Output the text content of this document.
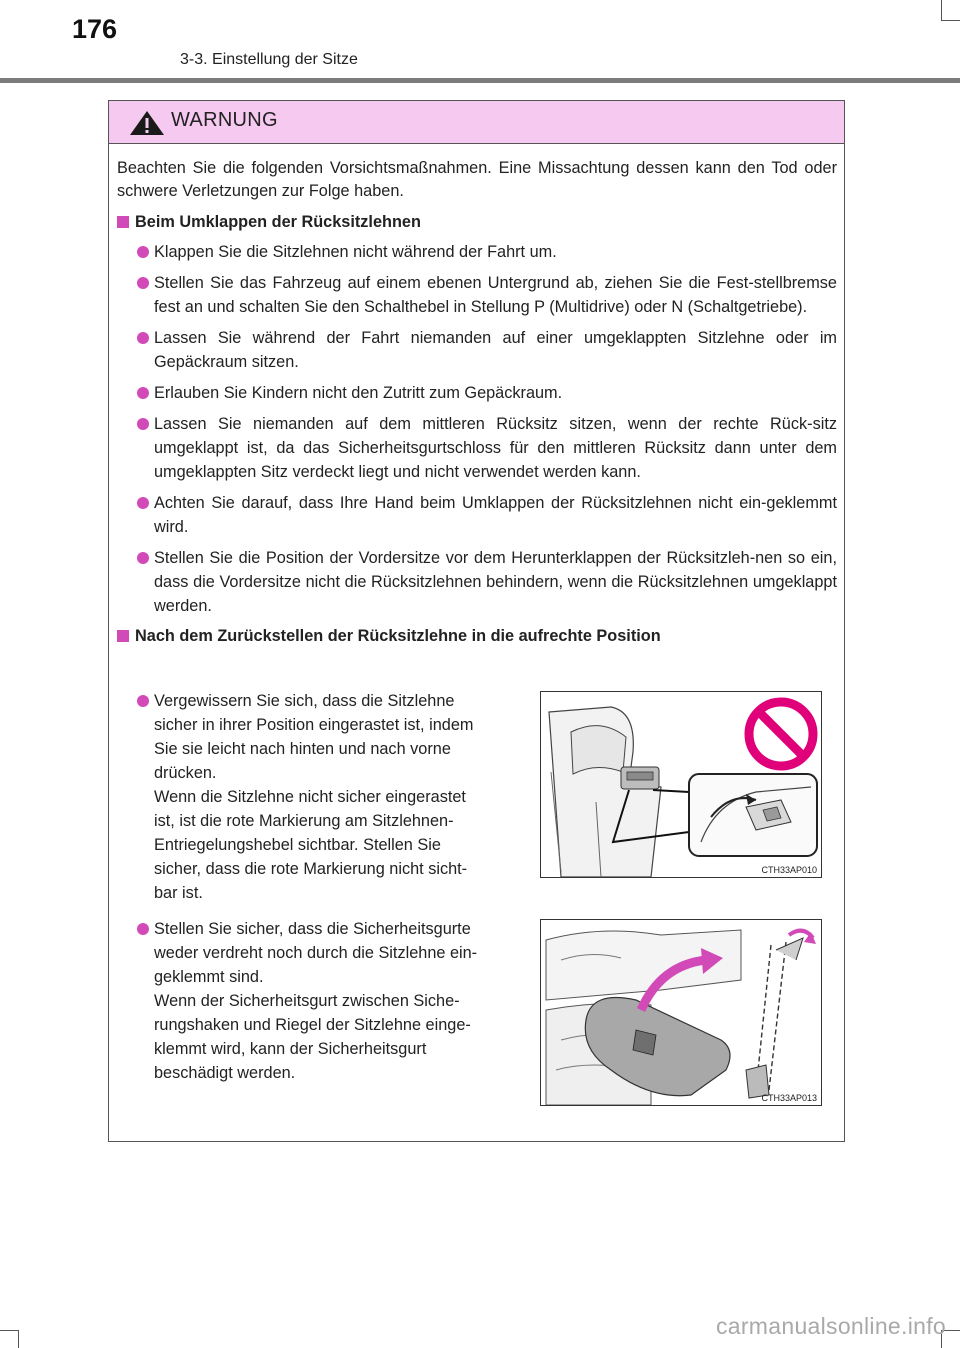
176
3-3. Einstellung der Sitze
WARNUNG

Beachten Sie die folgenden Vorsichtsmaßnahmen. Eine Missachtung dessen kann den Tod oder schwere Verletzungen zur Folge haben.

Beim Umklappen der Rücksitzlehnen
Klappen Sie die Sitzlehnen nicht während der Fahrt um.
Stellen Sie das Fahrzeug auf einem ebenen Untergrund ab, ziehen Sie die Fest-stellbremse fest an und schalten Sie den Schalthebel in Stellung P (Multidrive) oder N (Schaltgetriebe).
Lassen Sie während der Fahrt niemanden auf einer umgeklappten Sitzlehne oder im Gepäckraum sitzen.
Erlauben Sie Kindern nicht den Zutritt zum Gepäckraum.
Lassen Sie niemanden auf dem mittleren Rücksitz sitzen, wenn der rechte Rück-sitz umgeklappt ist, da das Sicherheitsgurtschloss für den mittleren Rücksitz dann unter dem umgeklappten Sitz verdeckt liegt und nicht verwendet werden kann.
Achten Sie darauf, dass Ihre Hand beim Umklappen der Rücksitzlehnen nicht ein-geklemmt wird.
Stellen Sie die Position der Vordersitze vor dem Herunterklappen der Rücksitzleh-nen so ein, dass die Vordersitze nicht die Rücksitzlehnen behindern, wenn die Rücksitzlehnen umgeklappt werden.
Nach dem Zurückstellen der Rücksitzlehne in die aufrechte Position
Vergewissern Sie sich, dass die Sitzlehne
sicher in ihrer Position eingerastet ist, indem
Sie sie leicht nach hinten und nach vorne
drücken.
Wenn die Sitzlehne nicht sicher eingerastet
ist, ist die rote Markierung am Sitzlehnen-
Entriegelungshebel sichtbar. Stellen Sie
sicher, dass die rote Markierung nicht sicht-
bar ist.
CTH33AP010
Stellen Sie sicher, dass die Sicherheitsgurte
weder verdreht noch durch die Sitzlehne ein-
geklemmt sind.
Wenn der Sicherheitsgurt zwischen Siche-
rungshaken und Riegel der Sitzlehne einge-
klemmt wird, kann der Sicherheitsgurt
beschädigt werden.
CTH33AP013
carmanualsonline.info
